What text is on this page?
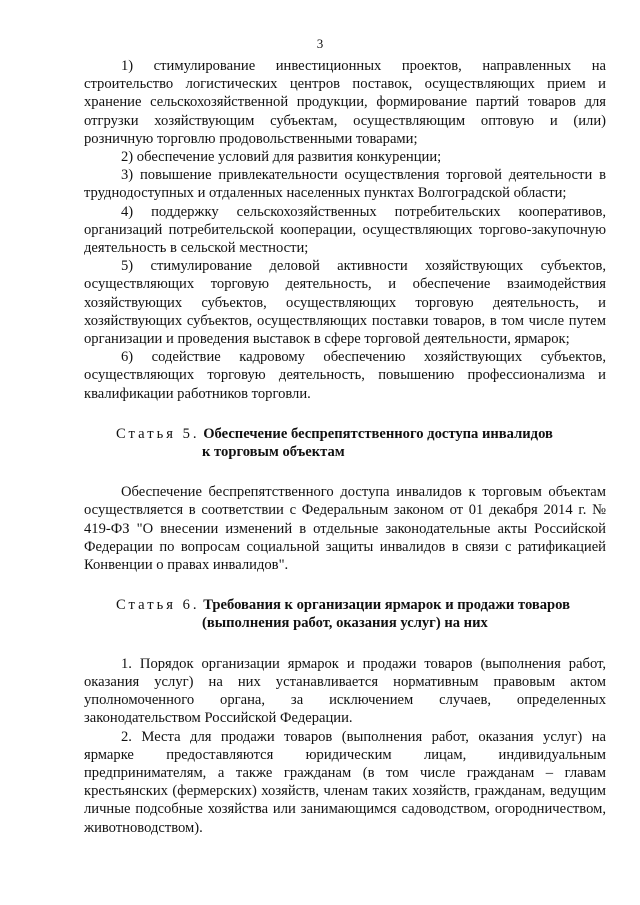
3

1) стимулирование инвестиционных проектов, направленных на строительство логистических центров поставок, осуществляющих прием и хранение сельскохозяйственной продукции, формирование партий товаров для отгрузки хозяйствующим субъектам, осуществляющим оптовую и (или) розничную торговлю продовольственными товарами;

2) обеспечение условий для развития конкуренции;

3) повышение привлекательности осуществления торговой деятельности в труднодоступных и отдаленных населенных пунктах Волгоградской области;

4) поддержку сельскохозяйственных потребительских кооперативов, организаций потребительской кооперации, осуществляющих торгово-закупочную деятельность в сельской местности;

5) стимулирование деловой активности хозяйствующих субъектов, осуществляющих торговую деятельность, и обеспечение взаимодействия хозяйствующих субъектов, осуществляющих торговую деятельность, и хозяйствующих субъектов, осуществляющих поставки товаров, в том числе путем организации и проведения выставок в сфере торговой деятельности, ярмарок;

6) содействие кадровому обеспечению хозяйствующих субъектов, осуществляющих торговую деятельность, повышению профессионализма и квалификации работников торговли.

Статья 5. Обеспечение беспрепятственного доступа инвалидов
к торговым объектам

Обеспечение беспрепятственного доступа инвалидов к торговым объектам осуществляется в соответствии с Федеральным законом от 01 декабря 2014 г. № 419-ФЗ "О внесении изменений в отдельные законодательные акты Российской Федерации по вопросам социальной защиты инвалидов в связи с ратификацией Конвенции о правах инвалидов".

Статья 6. Требования к организации ярмарок и продажи товаров
(выполнения работ, оказания услуг) на них

1. Порядок организации ярмарок и продажи товаров (выполнения работ, оказания услуг) на них устанавливается нормативным правовым актом уполномоченного органа, за исключением случаев, определенных законодательством Российской Федерации.

2. Места для продажи товаров (выполнения работ, оказания услуг) на ярмарке предоставляются юридическим лицам, индивидуальным предпринимателям, а также гражданам (в том числе гражданам – главам крестьянских (фермерских) хозяйств, членам таких хозяйств, гражданам, ведущим личные подсобные хозяйства или занимающимся садоводством, огородничеством, животноводством).
